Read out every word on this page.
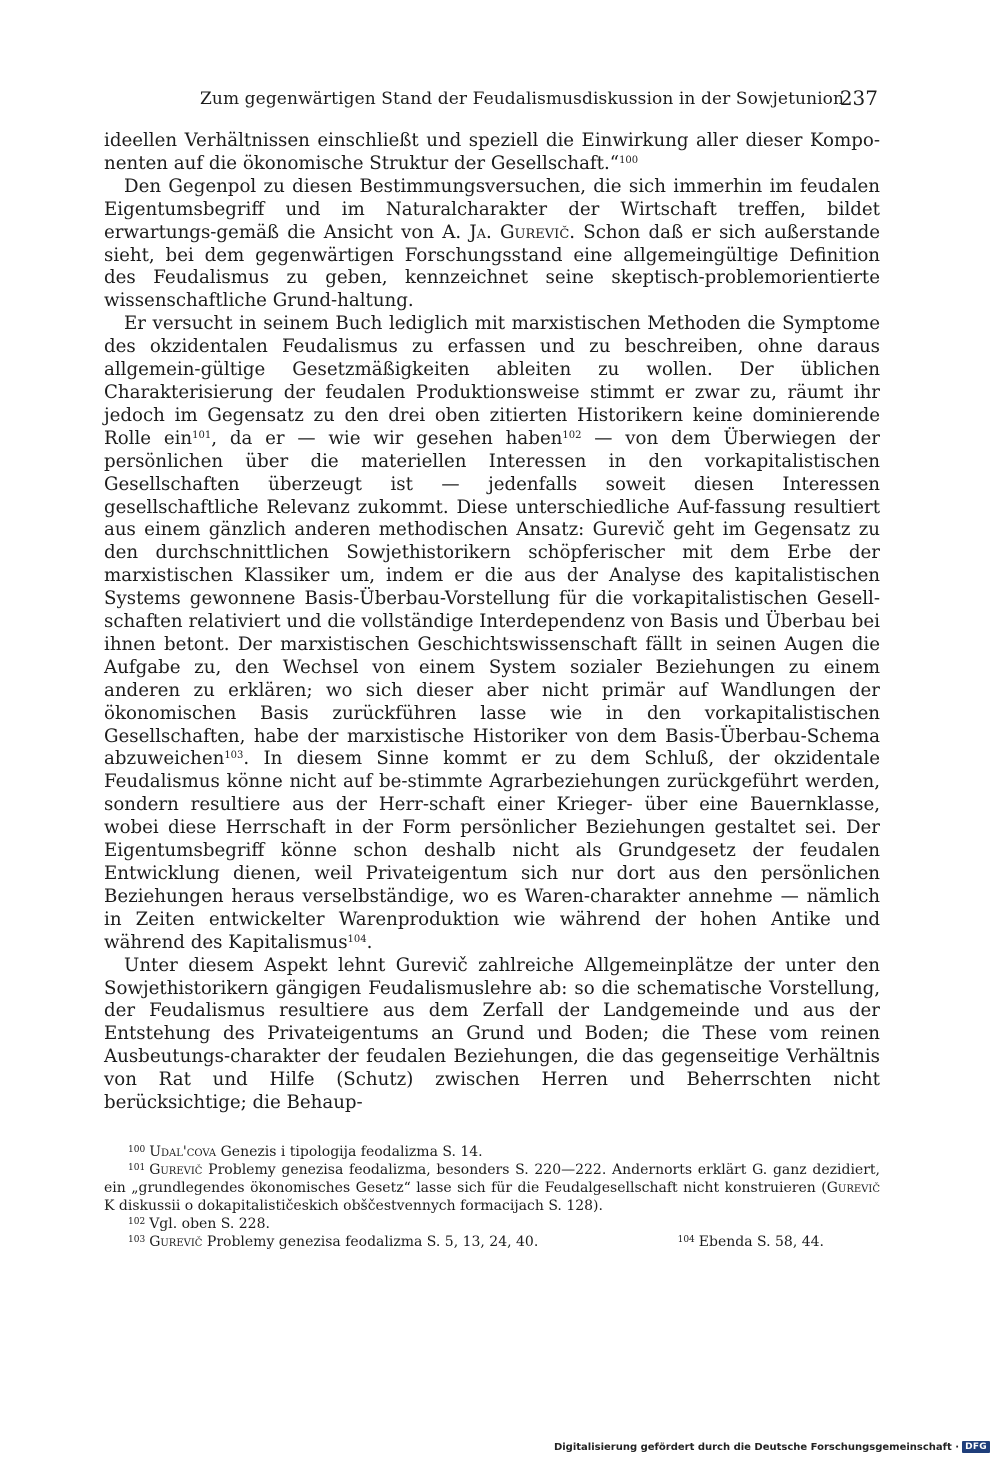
Zum gegenwärtigen Stand der Feudalismusdiskussion in der Sowjetunion
237

ideellen Verhältnissen einschließt und speziell die Einwirkung aller dieser Kompo-nenten auf die ökonomische Struktur der Gesellschaft.“$^{100}$

Den Gegenpol zu diesen Bestimmungsversuchen, die sich immerhin im feudalen Eigentumsbegriff und im Naturalcharakter der Wirtschaft treffen, bildet erwartungs-gemäß die Ansicht von A. Ja. Gurevič. Schon daß er sich außerstande sieht, bei dem gegenwärtigen Forschungsstand eine allgemeingültige Definition des Feudalismus zu geben, kennzeichnet seine skeptisch-problemorientierte wissenschaftliche Grund-haltung.

Er versucht in seinem Buch lediglich mit marxistischen Methoden die Symptome des okzidentalen Feudalismus zu erfassen und zu beschreiben, ohne daraus allgemein-gültige Gesetzmäßigkeiten ableiten zu wollen. Der üblichen Charakterisierung der feudalen Produktionsweise stimmt er zwar zu, räumt ihr jedoch im Gegensatz zu den drei oben zitierten Historikern keine dominierende Rolle ein$^{101}$, da er — wie wir gesehen haben$^{102}$ — von dem Überwiegen der persönlichen über die materiellen Interessen in den vorkapitalistischen Gesellschaften überzeugt ist — jedenfalls soweit diesen Interessen gesellschaftliche Relevanz zukommt. Diese unterschiedliche Auf-fassung resultiert aus einem gänzlich anderen methodischen Ansatz: Gurevič geht im Gegensatz zu den durchschnittlichen Sowjethistorikern schöpferischer mit dem Erbe der marxistischen Klassiker um, indem er die aus der Analyse des kapitalistischen Systems gewonnene Basis-Überbau-Vorstellung für die vorkapitalistischen Gesell-schaften relativiert und die vollständige Interdependenz von Basis und Überbau bei ihnen betont. Der marxistischen Geschichtswissenschaft fällt in seinen Augen die Aufgabe zu, den Wechsel von einem System sozialer Beziehungen zu einem anderen zu erklären; wo sich dieser aber nicht primär auf Wandlungen der ökonomischen Basis zurückführen lasse wie in den vorkapitalistischen Gesellschaften, habe der marxistische Historiker von dem Basis-Überbau-Schema abzuweichen$^{103}$. In diesem Sinne kommt er zu dem Schluß, der okzidentale Feudalismus könne nicht auf be-stimmte Agrarbeziehungen zurückgeführt werden, sondern resultiere aus der Herr-schaft einer Krieger- über eine Bauernklasse, wobei diese Herrschaft in der Form persönlicher Beziehungen gestaltet sei. Der Eigentumsbegriff könne schon deshalb nicht als Grundgesetz der feudalen Entwicklung dienen, weil Privateigentum sich nur dort aus den persönlichen Beziehungen heraus verselbständige, wo es Waren-charakter annehme — nämlich in Zeiten entwickelter Warenproduktion wie während der hohen Antike und während des Kapitalismus$^{104}$.

Unter diesem Aspekt lehnt Gurevič zahlreiche Allgemeinplätze der unter den Sowjethistorikern gängigen Feudalismuslehre ab: so die schematische Vorstellung, der Feudalismus resultiere aus dem Zerfall der Landgemeinde und aus der Entstehung des Privateigentums an Grund und Boden; die These vom reinen Ausbeutungs-charakter der feudalen Beziehungen, die das gegenseitige Verhältnis von Rat und Hilfe (Schutz) zwischen Herren und Beherrschten nicht berücksichtige; die Behaup-

$^{100}$ Udal'cova Genezis i tipologija feodalizma S. 14.

$^{101}$ Gurevič Problemy genezisa feodalizma, besonders S. 220—222. Andernorts erklärt G. ganz dezidiert, ein „grundlegendes ökonomisches Gesetz“ lasse sich für die Feudalgesellschaft nicht konstruieren (Gurevič K diskussii o dokapitalističeskich obščestvennych formacijach S. 128).

$^{102}$ Vgl. oben S. 228.

$^{103}$ Gurevič Problemy genezisa feodalizma S. 5, 13, 24, 40.	$^{104}$ Ebenda S. 58, 44.

Digitalisierung gefördert durch die Deutsche Forschungsgemeinschaft · DFG
